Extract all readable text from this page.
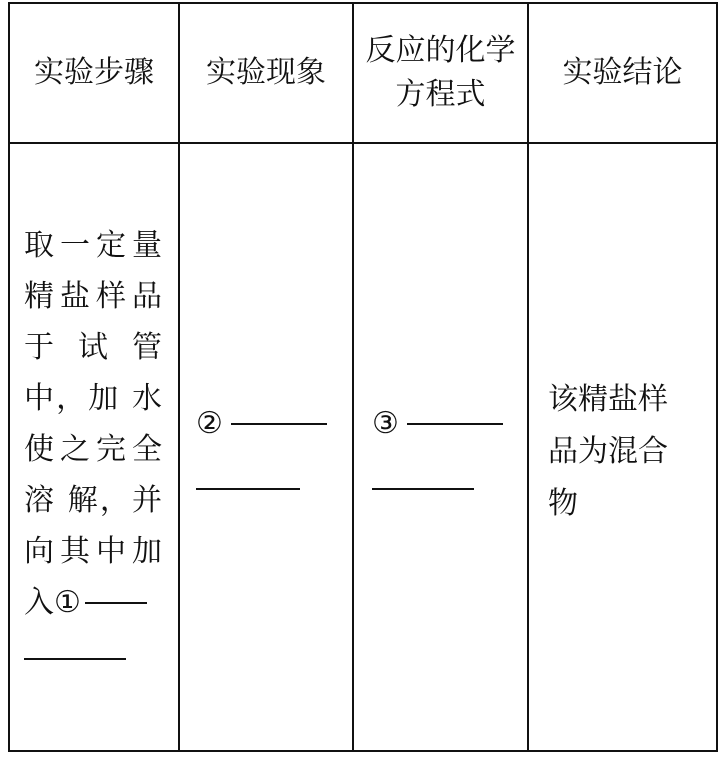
实验步骤 实验现象
反应的化学
方程式
实验结论
取一定量
精盐样品
于 试 管
中，加 水
使之完全
溶 解，并
向其中加
入①
②	③
该精盐样
品为混合
物
